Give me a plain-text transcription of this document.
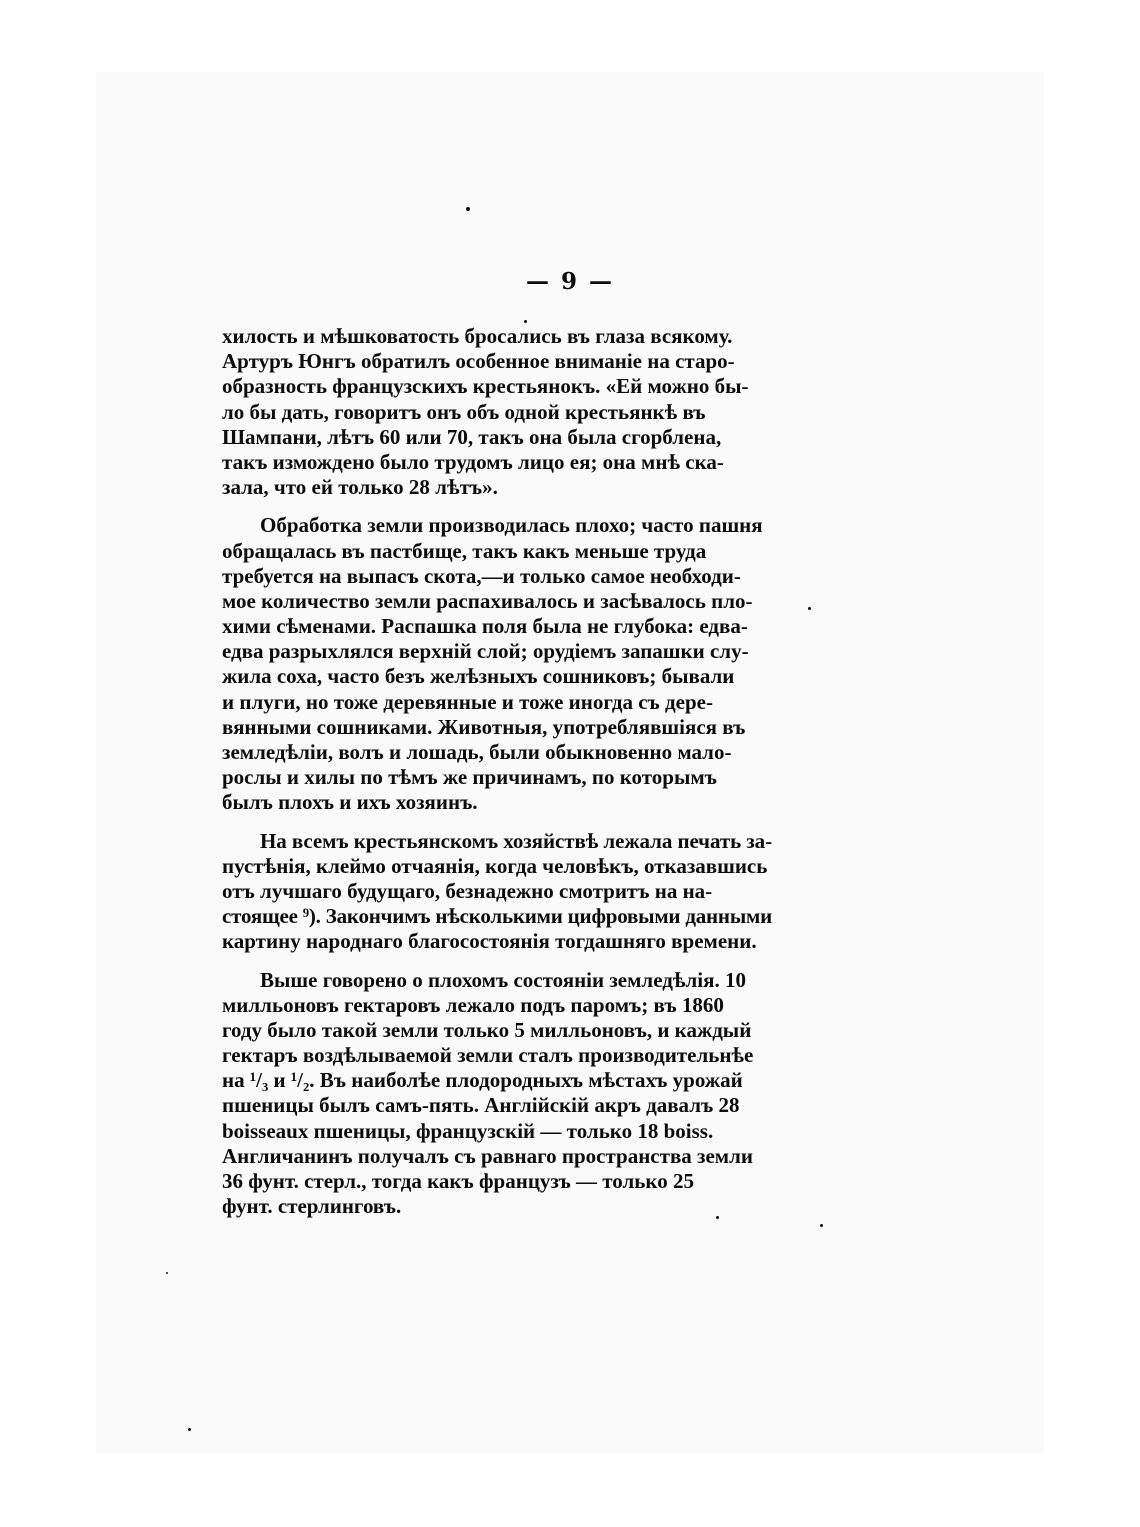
— 9 —
хилость и мѣшковатость бросались въ глаза всякому.
Артуръ Юнгъ обратилъ особенное вниманіе на старо-
образность французскихъ крестьянокъ. «Ей можно бы-
ло бы дать, говоритъ онъ объ одной крестьянкѣ въ
Шампани, лѣтъ 60 или 70, такъ она была сгорблена,
такъ измождено было трудомъ лицо ея; она мнѣ ска-
зала, что ей только 28 лѣтъ».
Обработка земли производилась плохо; часто пашня
обращалась въ пастбище, такъ какъ меньше труда
требуется на выпасъ скота,—и только самое необходи-
мое количество земли распахивалось и засѣвалось пло-
хими сѣменами. Распашка поля была не глубока: едва-
едва разрыхлялся верхній слой; орудіемъ запашки слу-
жила соха, часто безъ желѣзныхъ сошниковъ; бывали
и плуги, но тоже деревянные и тоже иногда съ дере-
вянными сошниками. Животныя, употреблявшіяся въ
земледѣліи, волъ и лошадь, были обыкновенно мало-
рослы и хилы по тѣмъ же причинамъ, по которымъ
былъ плохъ и ихъ хозяинъ.
На всемъ крестьянскомъ хозяйствѣ лежала печать за-
пустѣнія, клеймо отчаянія, когда человѣкъ, отказавшись
отъ лучшаго будущаго, безнадежно смотритъ на на-
стоящее ⁹). Закончимъ нѣсколькими цифровыми данными
картину народнаго благосостоянія тогдашняго времени.
Выше говорено о плохомъ состояніи земледѣлія. 10
милльоновъ гектаровъ лежало подъ паромъ; въ 1860
году было такой земли только 5 милльоновъ, и каждый
гектаръ воздѣлываемой земли сталъ производительнѣе
на ¹/₃ и ¹/₂. Въ наиболѣе плодородныхъ мѣстахъ урожай
пшеницы былъ самъ-пять. Англійскій акръ давалъ 28
boisseaux пшеницы, французскій — только 18 boiss.
Англичанинъ получалъ съ равнаго пространства земли
36 фунт. стерл., тогда какъ французъ — только 25
фунт. стерлинговъ.
